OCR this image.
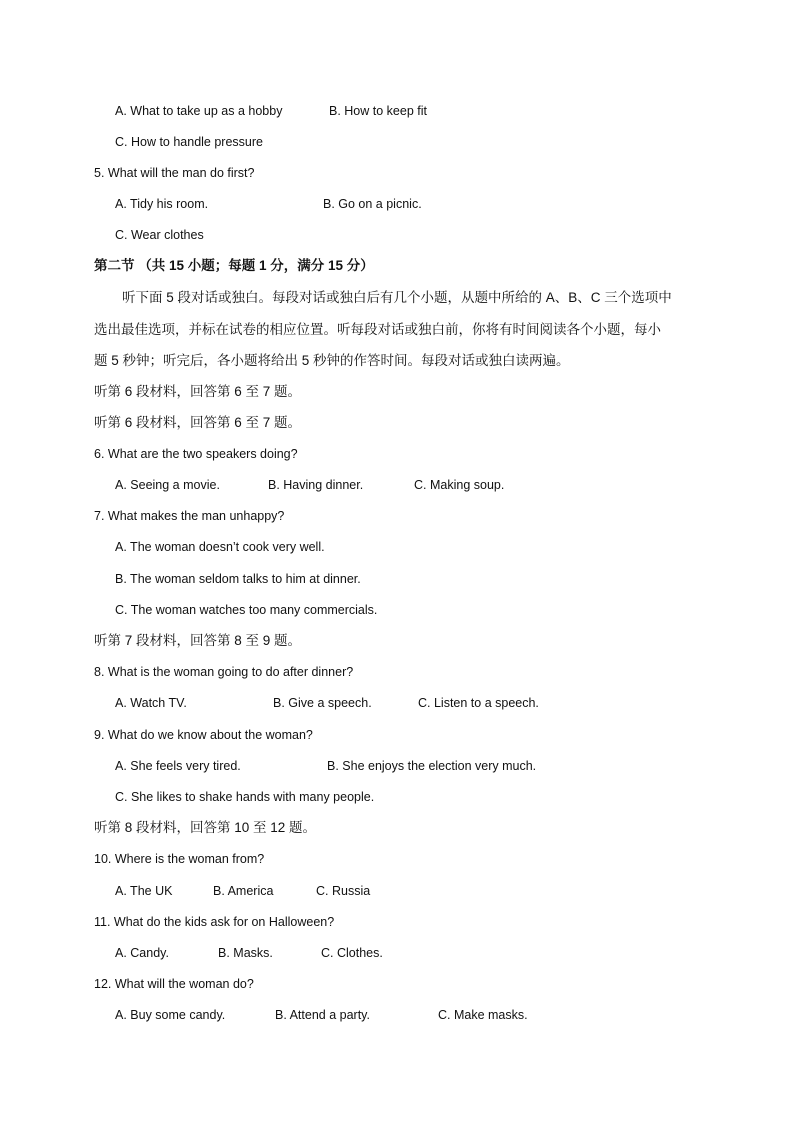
A. What to take up as a hobby	B. How to keep fit
C. How to handle pressure
5. What will the man do first?
A. Tidy his room.	B. Go on a picnic.
C. Wear clothes
第二节 （共 15 小题；每题 1 分，满分 15 分）
听下面 5 段对话或独白。每段对话或独白后有几个小题，从题中所给的 A、B、C 三个选项中
选出最佳选项，并标在试卷的相应位置。听每段对话或独白前，你将有时间阅读各个小题，每小
题 5 秒钟；听完后，各小题将给出 5 秒钟的作答时间。每段对话或独白读两遍。
听第 6 段材料，回答第 6 至 7 题。
听第 6 段材料，回答第 6 至 7 题。
6. What are the two speakers doing?
A. Seeing a movie.	B. Having dinner.	C. Making soup.
7. What makes the man unhappy?
A. The woman doesn’t cook very well.
B. The woman seldom talks to him at dinner.
C. The woman watches too many commercials.
听第 7 段材料，回答第 8 至 9 题。
8. What is the woman going to do after dinner?
A. Watch TV.	B. Give a speech.	C. Listen to a speech.
9. What do we know about the woman?
A. She feels very tired.	B. She enjoys the election very much.
C. She likes to shake hands with many people.
听第 8 段材料，回答第 10 至 12 题。
10. Where is the woman from?
A. The UK	B. America	C. Russia
11. What do the kids ask for on Halloween?
A. Candy.	B. Masks.	C. Clothes.
12. What will the woman do?
A. Buy some candy.	B. Attend a party.	C. Make masks.
